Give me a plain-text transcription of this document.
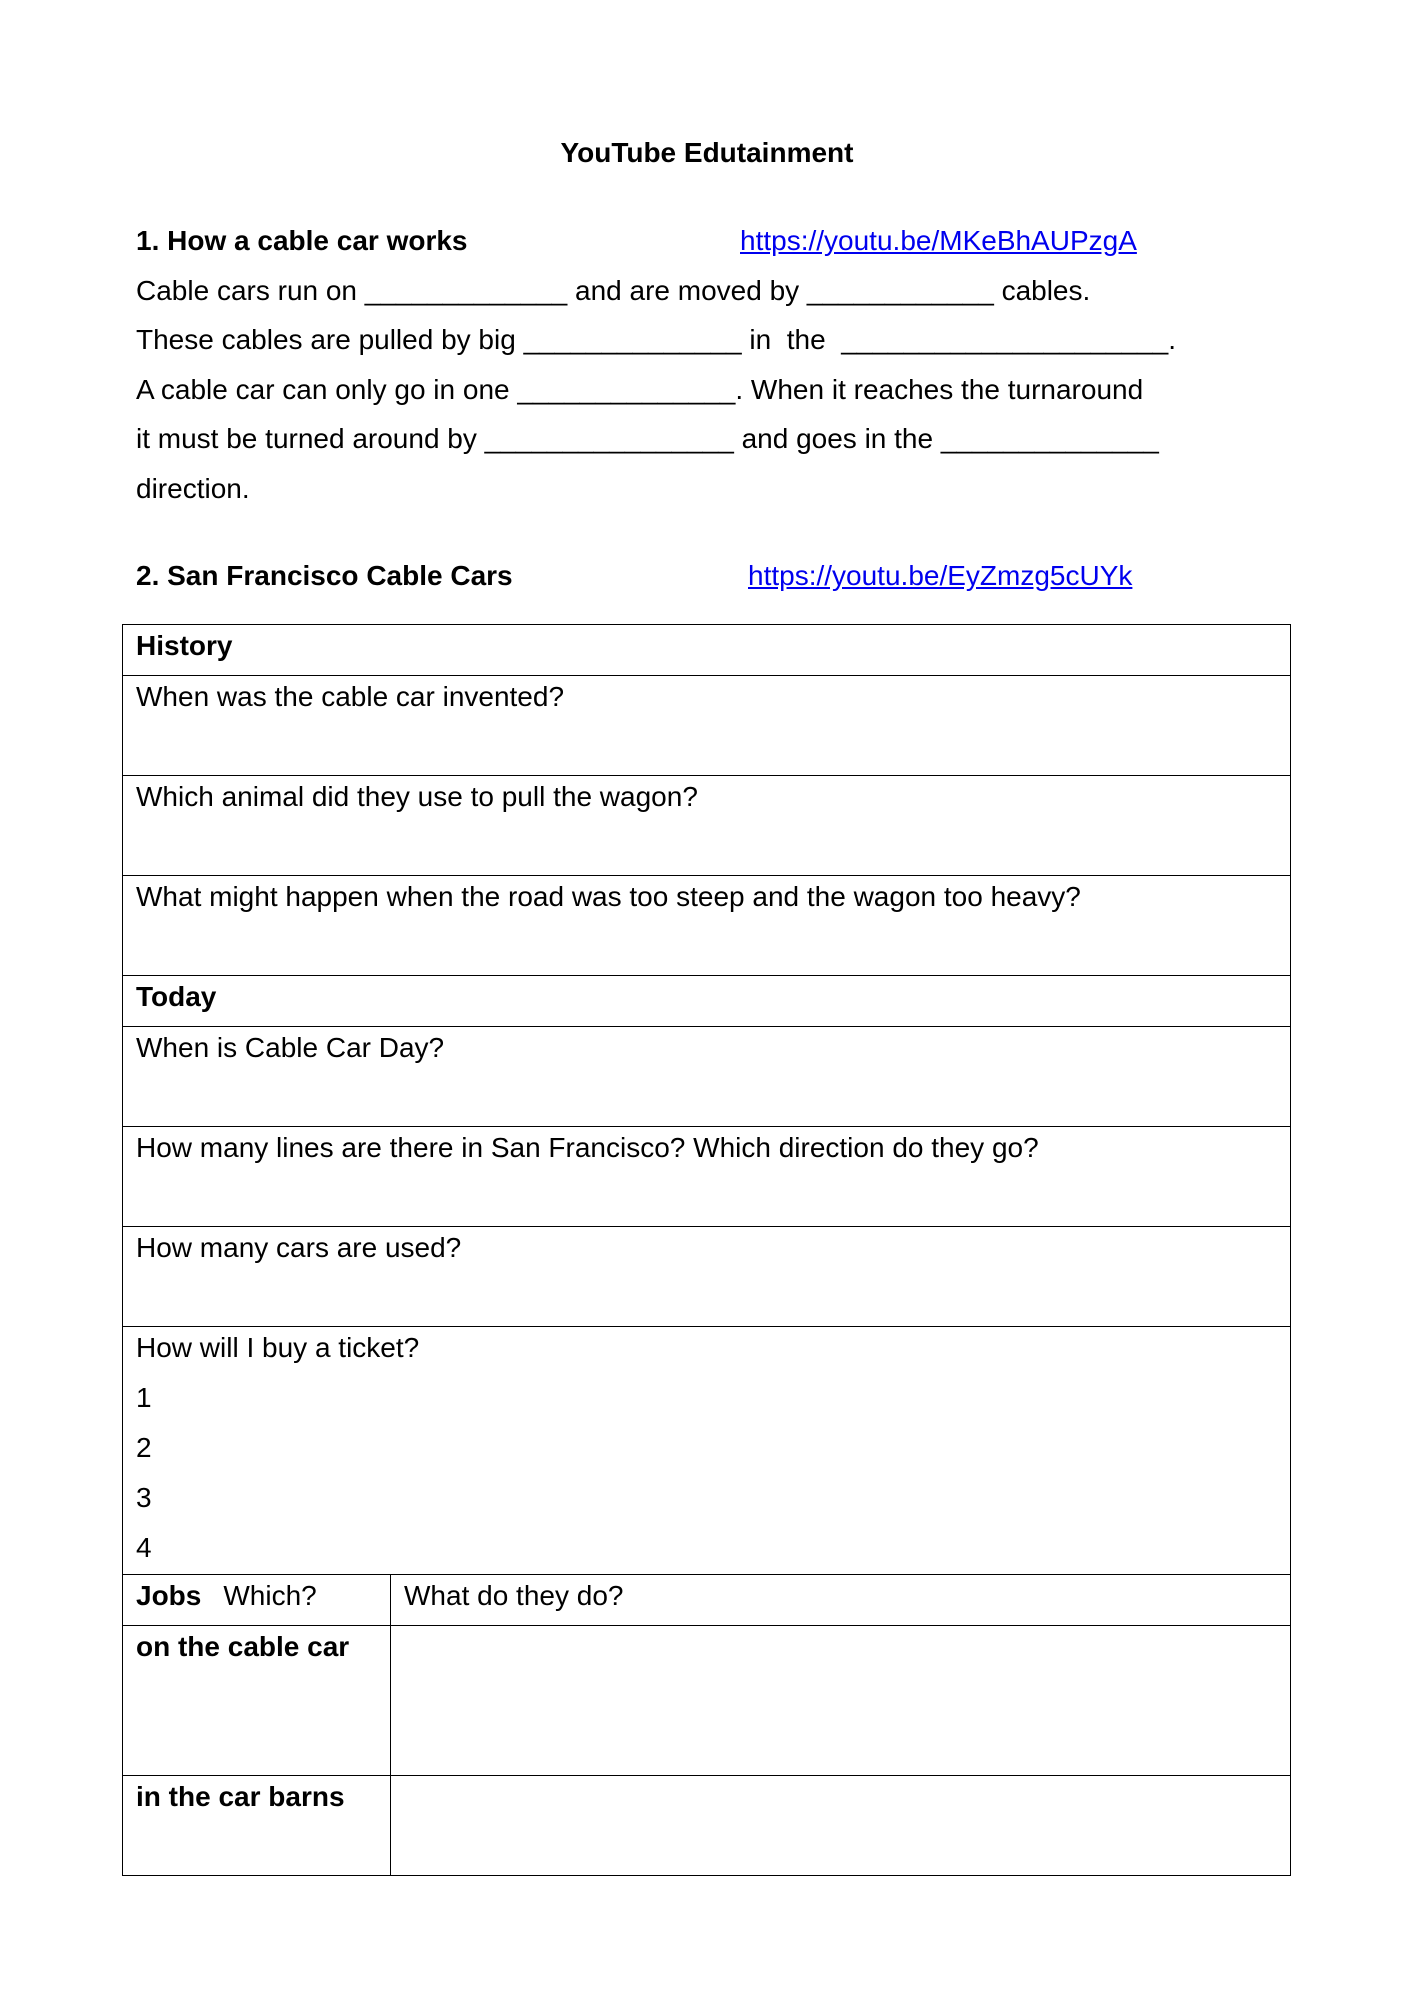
YouTube Edutainment
1. How a cable car works	https://youtu.be/MKeBhAUPzgA
Cable cars run on _____________ and are moved by ____________ cables.
These cables are pulled by big ______________ in  the  _____________________.
A cable car can only go in one ______________. When it reaches the turnaround
it must be turned around by ________________ and goes in the ______________
direction.
2. San Francisco Cable Cars	https://youtu.be/EyZmzg5cUYk
History	
When was the cable car invented?	
Which animal did they use to pull the wagon?	
What might happen when the road was too steep and the wagon too heavy?	
Today	
When is Cable Car Day?	
How many lines are there in San Francisco? Which direction do they go?	
How many cars are used?	
How will I buy a ticket?
1
2
3
4	

Jobs Which?	What do they do?
on the cable car	
in the car barns	
